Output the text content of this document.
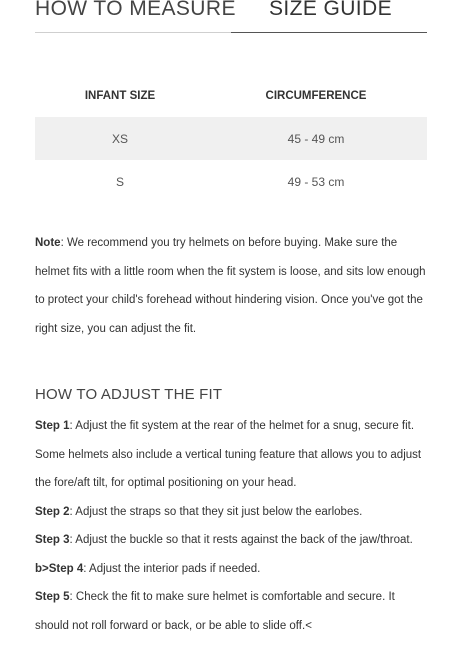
HOW TO MEASURE SIZE GUIDE
INFANT SIZE	CIRCUMFERENCE
XS	45 - 49 cm
S	49 - 53 cm
Note: We recommend you try helmets on before buying. Make sure the helmet fits with a little room when the fit system is loose, and sits low enough to protect your child's forehead without hindering vision. Once you've got the right size, you can adjust the fit.
HOW TO ADJUST THE FIT
Step 1: Adjust the fit system at the rear of the helmet for a snug, secure fit. Some helmets also include a vertical tuning feature that allows you to adjust the fore/aft tilt, for optimal positioning on your head.
Step 2: Adjust the straps so that they sit just below the earlobes.
Step 3: Adjust the buckle so that it rests against the back of the jaw/throat.
b>Step 4: Adjust the interior pads if needed.
Step 5: Check the fit to make sure helmet is comfortable and secure. It should not roll forward or back, or be able to slide off.<
